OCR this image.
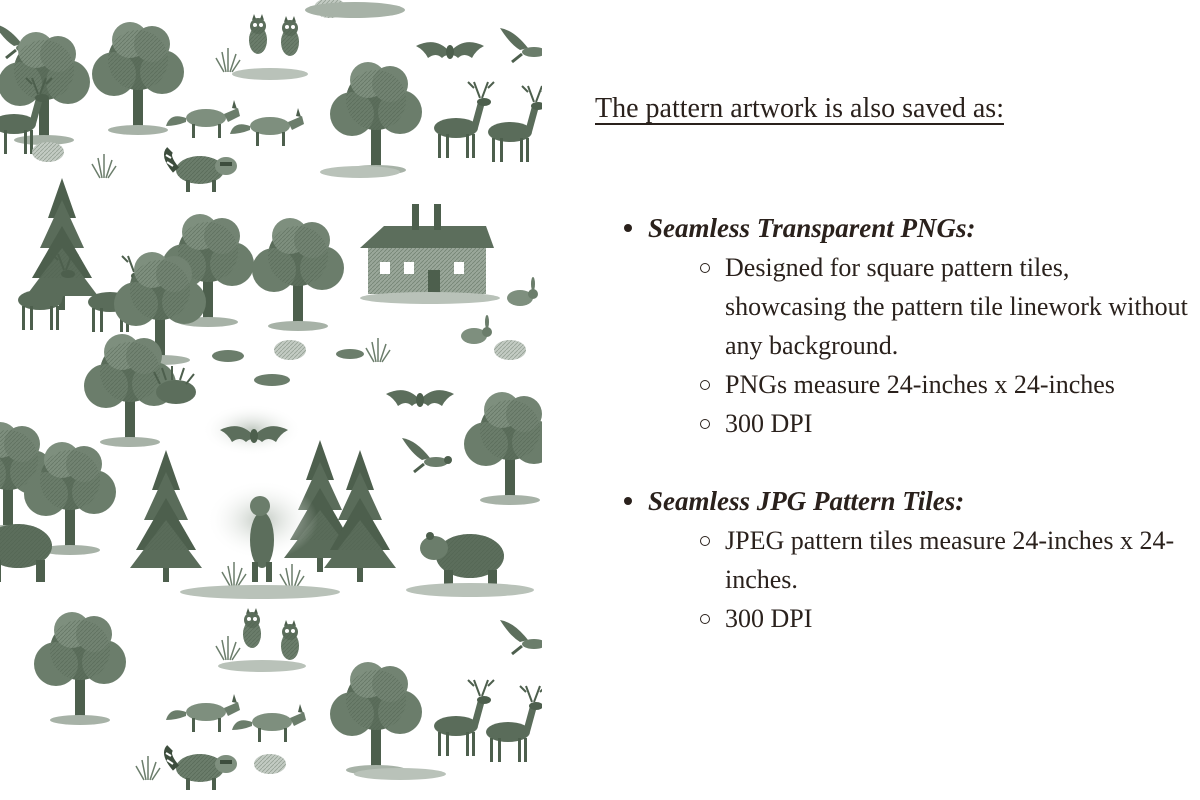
The pattern artwork is also saved as:
Seamless Transparent PNGs:
Designed for square pattern tiles, showcasing the pattern tile linework without any background.
PNGs measure 24-inches x 24-inches
300 DPI
Seamless JPG Pattern Tiles:
JPEG pattern tiles measure 24-inches x 24-inches.
300 DPI
